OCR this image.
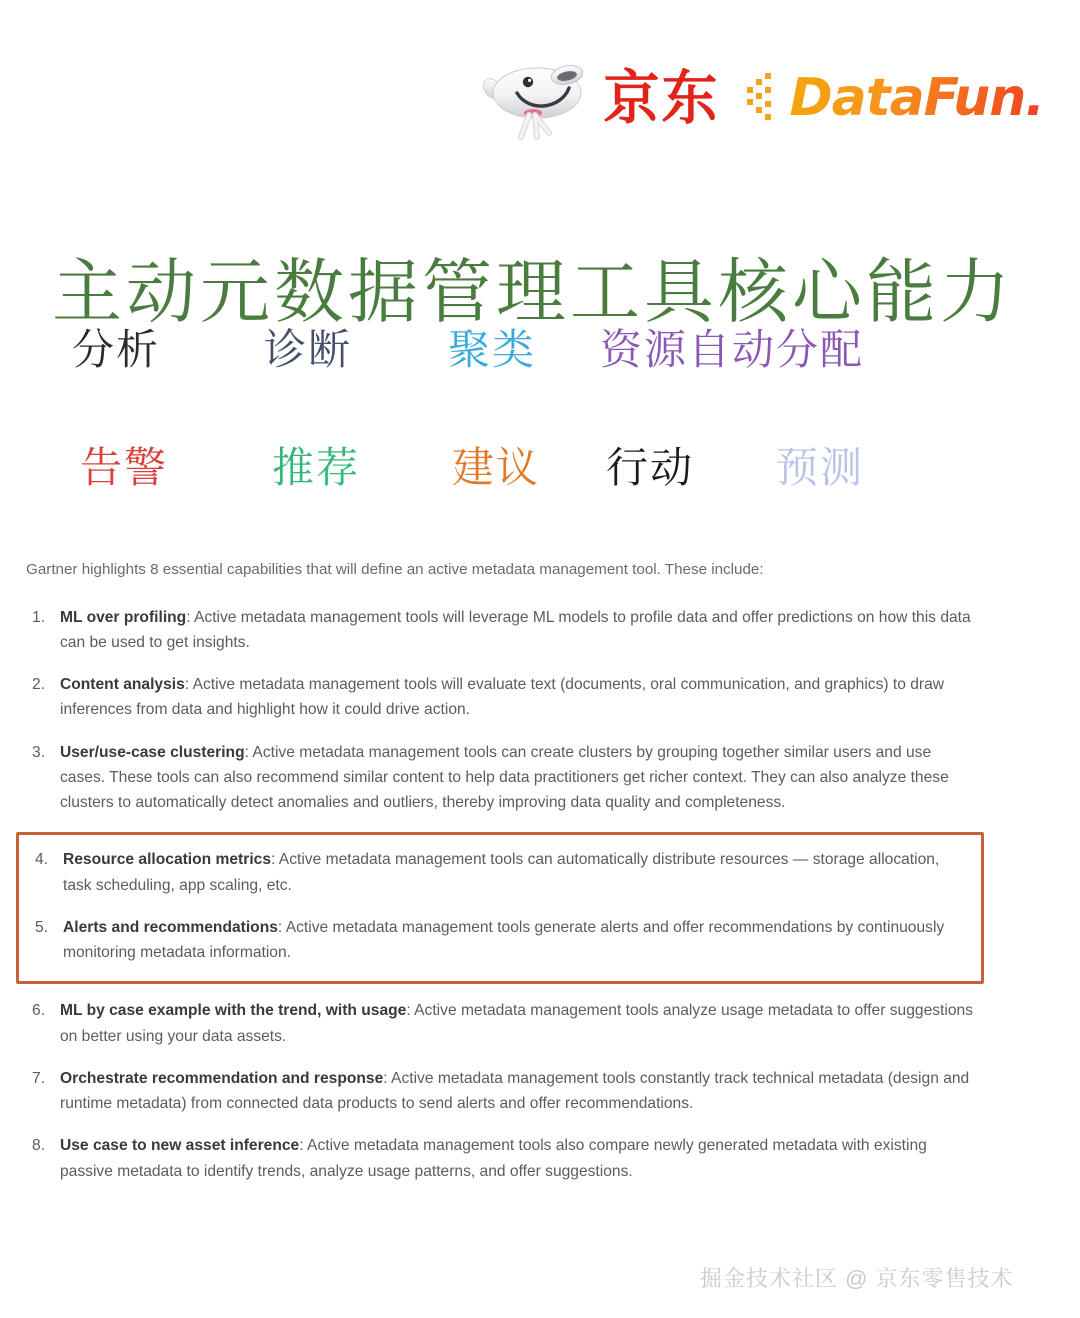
京东 DataFun.
主动元数据管理工具核心能力
分析 诊断 聚类 资源自动分配
告警 推荐 建议 行动 预测

Gartner highlights 8 essential capabilities that will define an active metadata management tool. These include:

ML over profiling: Active metadata management tools will leverage ML models to profile data and offer predictions on how this data can be used to get insights.
Content analysis: Active metadata management tools will evaluate text (documents, oral communication, and graphics) to draw inferences from data and highlight how it could drive action.
User/use-case clustering: Active metadata management tools can create clusters by grouping together similar users and use cases. These tools can also recommend similar content to help data practitioners get richer context. They can also analyze these clusters to automatically detect anomalies and outliers, thereby improving data quality and completeness.
Resource allocation metrics: Active metadata management tools can automatically distribute resources — storage allocation, task scheduling, app scaling, etc.
Alerts and recommendations: Active metadata management tools generate alerts and offer recommendations by continuously monitoring metadata information.
ML by case example with the trend, with usage: Active metadata management tools analyze usage metadata to offer suggestions on better using your data assets.
Orchestrate recommendation and response: Active metadata management tools constantly track technical metadata (design and runtime metadata) from connected data products to send alerts and offer recommendations.
Use case to new asset inference: Active metadata management tools also compare newly generated metadata with existing passive metadata to identify trends, analyze usage patterns, and offer suggestions.
掘金技术社区 @ 京东零售技术
